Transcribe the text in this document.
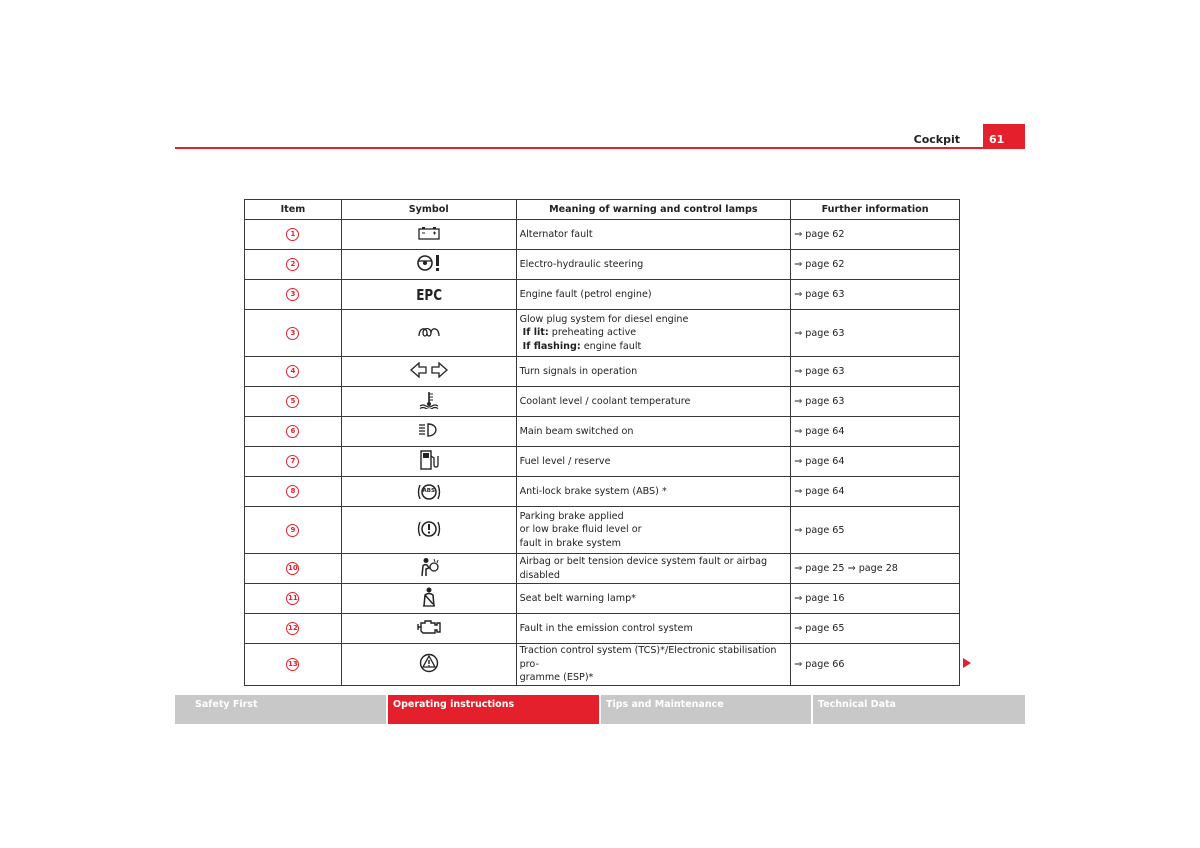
Cockpit	61
Item	Symbol	Meaning of warning and control lamps	Further information
1		Alternator fault	⇒ page 62
2		Electro-hydraulic steering	⇒ page 62
3	EPC	Engine fault (petrol engine)	⇒ page 63
3		Glow plug system for diesel engine
If lit: preheating active
If flashing: engine fault	⇒ page 63
4		Turn signals in operation	⇒ page 63
5		Coolant level / coolant temperature	⇒ page 63
6		Main beam switched on	⇒ page 64
7		Fuel level / reserve	⇒ page 64
8	ABS	Anti-lock brake system (ABS) *	⇒ page 64
9		Parking brake applied
or low brake fluid level or
fault in brake system	⇒ page 65
10		Airbag or belt tension device system fault or airbag disabled	⇒ page 25 ⇒ page 28
11		Seat belt warning lamp*	⇒ page 16
12		Fault in the emission control system	⇒ page 65
13		Traction control system (TCS)*/Electronic stabilisation pro-
gramme (ESP)*	⇒ page 66
Safety First	Operating instructions	Tips and Maintenance	Technical Data
